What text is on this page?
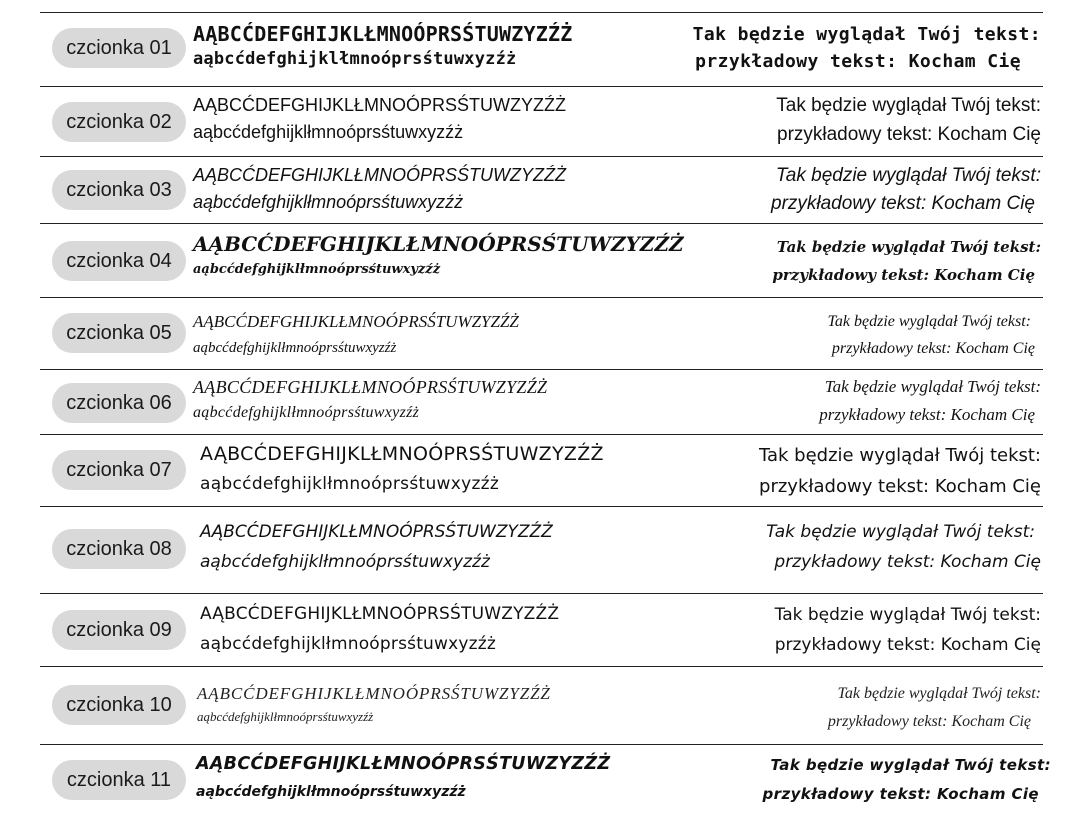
czcionka 01
AĄBCĆDEFGHIJKLŁMNOÓPRSŚTUWZYZŹŻ
aąbcćdefghijklłmnoóprsśtuwxyzźż
Tak będzie wyglądał Twój tekst:
przykładowy tekst: Kocham Cię
czcionka 02
AĄBCĆDEFGHIJKLŁMNOÓPRSŚTUWZYZŹŻ
aąbcćdefghijklłmnoóprsśtuwxyzźż
Tak będzie wyglądał Twój tekst:
przykładowy tekst: Kocham Cię
czcionka 03
AĄBCĆDEFGHIJKLŁMNOÓPRSŚTUWZYZŹŻ
aąbcćdefghijklłmnoóprsśtuwxyzźż
Tak będzie wyglądał Twój tekst:
przykładowy tekst: Kocham Cię
czcionka 04
AĄBCĆDEFGHIJKLŁMNOÓPRSŚTUWZYZŹŻ
aąbcćdefghijklłmnoóprsśtuwxyzźż
Tak będzie wyglądał Twój tekst:
przykładowy tekst: Kocham Cię
czcionka 05
AĄBCĆDEFGHIJKLŁMNOÓPRSŚTUWZYZŹŻ
aąbcćdefghijklłmnoóprsśtuwxyzźż
Tak będzie wyglądał Twój tekst:
przykładowy tekst: Kocham Cię
czcionka 06
AĄBCĆDEFGHIJKLŁMNOÓPRSŚTUWZYZŹŻ
aąbcćdefghijklłmnoóprsśtuwxyzźż
Tak będzie wyglądał Twój tekst:
przykładowy tekst: Kocham Cię
czcionka 07
AĄBCĆDEFGHIJKLŁMNOÓPRSŚTUWZYZŹŻ
aąbcćdefghijklłmnoóprsśtuwxyzźż
Tak będzie wyglądał Twój tekst:
przykładowy tekst: Kocham Cię
czcionka 08
AĄBCĆDEFGHIJKLŁMNOÓPRSŚTUWZYZŹŻ
aąbcćdefghijklłmnoóprsśtuwxyzźż
Tak będzie wyglądał Twój tekst:
przykładowy tekst: Kocham Cię
czcionka 09
AĄBCĆDEFGHIJKLŁMNOÓPRSŚTUWZYZŹŻ
aąbcćdefghijklłmnoóprsśtuwxyzźż
Tak będzie wyglądał Twój tekst:
przykładowy tekst: Kocham Cię
czcionka 10
AĄBCĆDEFGHIJKLŁMNOÓPRSŚTUWZYZŹŻ
aąbcćdefghijklłmnoóprsśtuwxyzźż
Tak będzie wyglądał Twój tekst:
przykładowy tekst: Kocham Cię
czcionka 11
AĄBCĆDEFGHIJKLŁMNOÓPRSŚTUWZYZŹŻ
aąbcćdefghijklłmnoóprsśtuwxyzźż
Tak będzie wyglądał Twój tekst:
przykładowy tekst: Kocham Cię
